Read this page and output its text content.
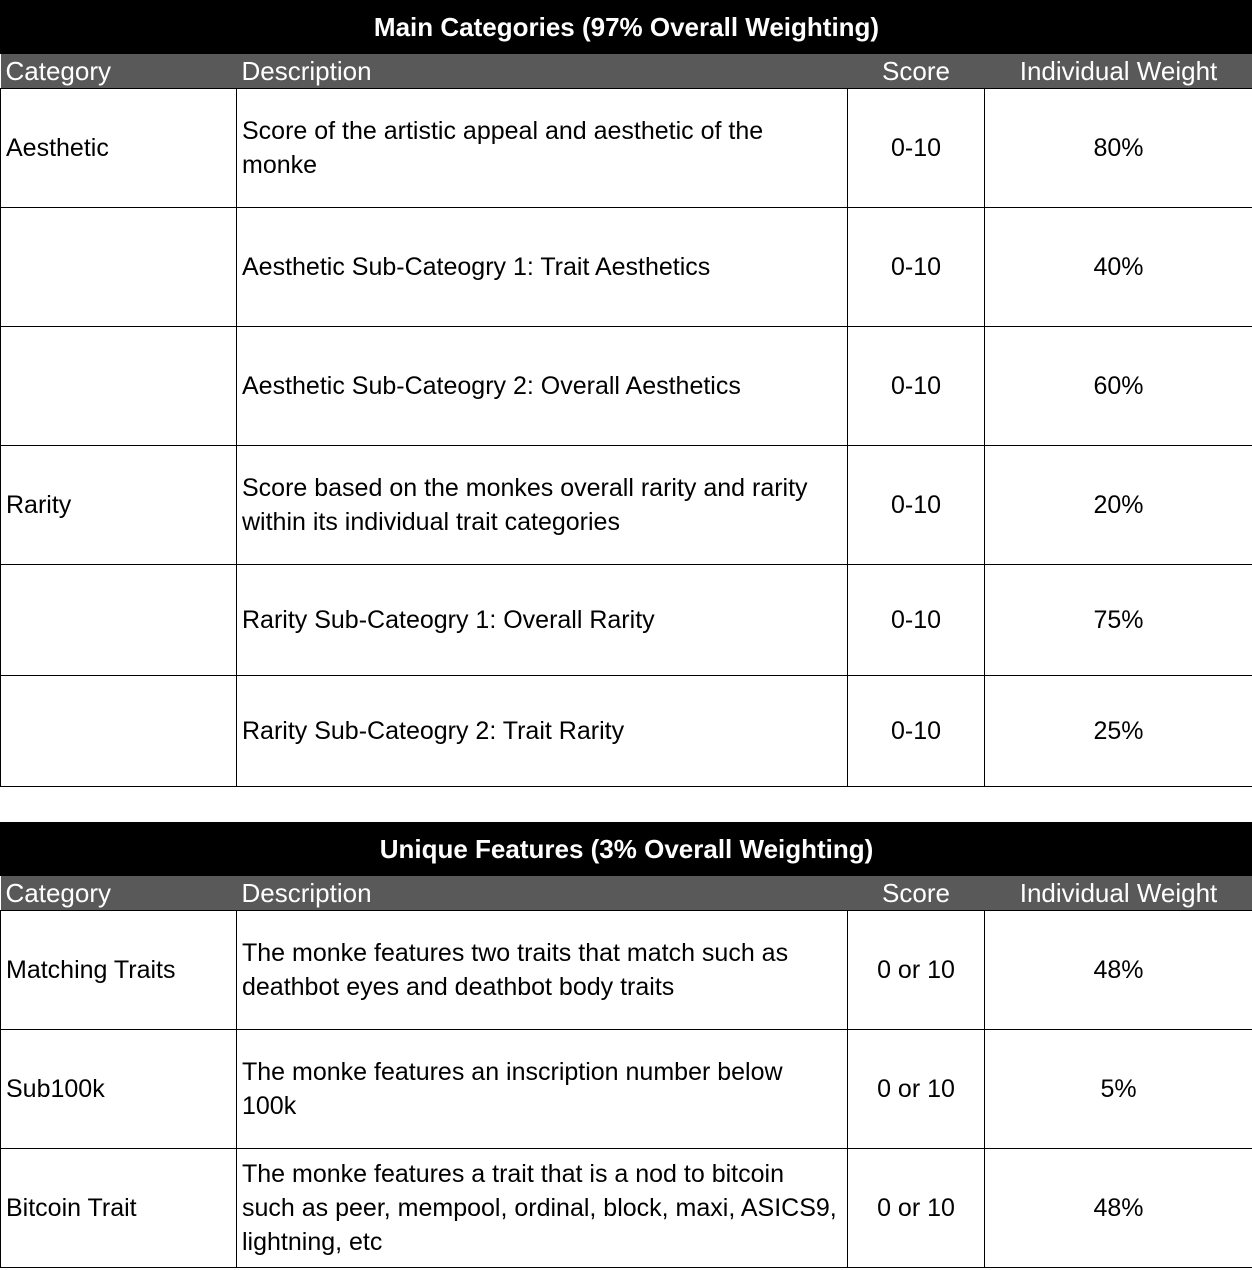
Main Categories (97% Overall Weighting)			
Category	Description	Score	Individual Weight
Aesthetic	Score of the artistic appeal and aesthetic of the monke	0-10	80%
	Aesthetic Sub-Cateogry 1: Trait Aesthetics	0-10	40%
	Aesthetic Sub-Cateogry 2: Overall Aesthetics	0-10	60%
Rarity	Score based on the monkes overall rarity and rarity within its individual trait categories	0-10	20%
	Rarity Sub-Cateogry 1: Overall Rarity	0-10	75%
	Rarity Sub-Cateogry 2: Trait Rarity	0-10	25%
Unique Features (3% Overall Weighting)			
Category	Description	Score	Individual Weight
Matching Traits	The monke features two traits that match such as deathbot eyes and deathbot body traits	0 or 10	48%
Sub100k	The monke features an inscription number below 100k	0 or 10	5%
Bitcoin Trait	The monke features a trait that is a nod to bitcoin such as peer, mempool, ordinal, block, maxi, ASICS9, lightning, etc	0 or 10	48%
